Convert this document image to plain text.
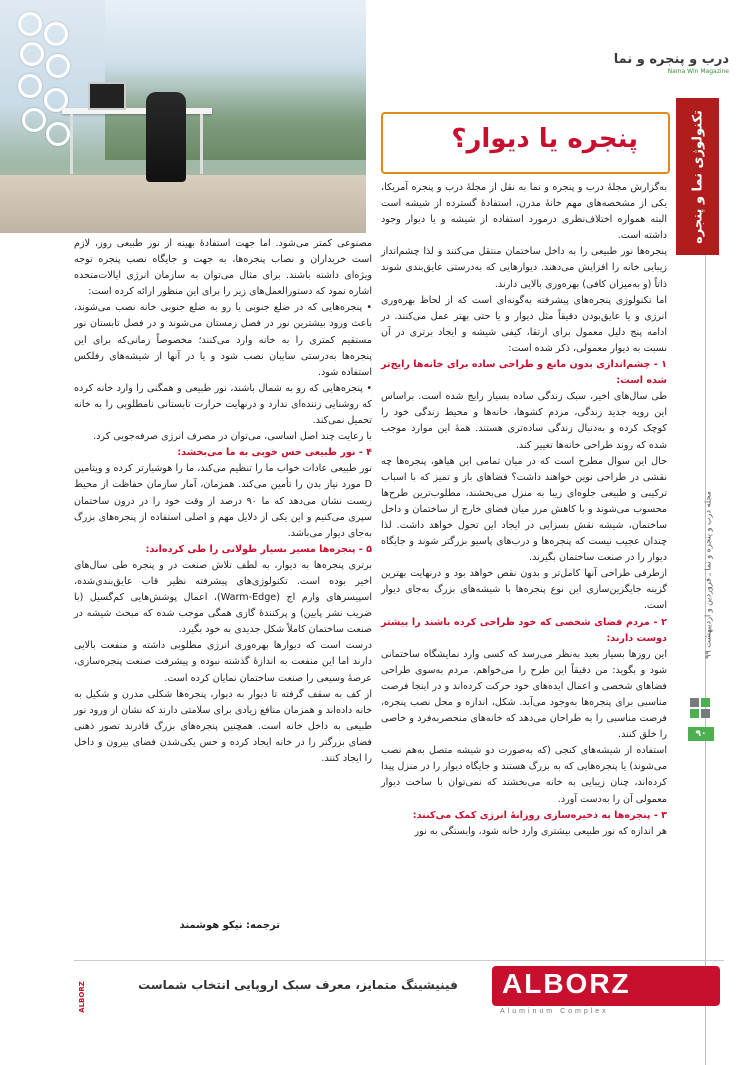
درب و پنجره و نما
Nama Win Magazine
تکنولوژی نما و پنجره
مجله درب و پنجره و نما ـ فروردین و اردیبهشت ۹۹
۹۰
پنجره یا دیوار؟

به‌گزارش مجلهٔ درب و پنجره و نما به نقل از مجلهٔ درب و پنجره آمریکا، یکی از مشخصه‌های مهم خانهٔ مدرن، استفادهٔ گسترده از شیشه است البته همواره اختلاف‌نظری درمورد استفاده از شیشه و یا دیوار وجود داشته است.

پنجره‌ها نور طبیعی را به داخل ساختمان منتقل می‌کنند و لذا چشم‌انداز زیبایی خانه را افزایش می‌دهند. دیوارهایی که به‌درستی عایق‌بندی شوند ذاتاً (و به‌میزان کافی) بهره‌وری بالایی دارند.

اما تکنولوژی پنجره‌های پیشرفته به‌گونه‌ای است که از لحاظ بهره‌وری انرژی و یا عایق‌بودن دقیقاً مثل دیوار و یا حتی بهتر عمل می‌کنند. در ادامه پنج دلیل معمول برای ارتقا، کیفی شیشه و ایجاد برتری در آن نسبت به دیوار معمولی، ذکر شده است:

۱ - چشم‌اندازی بدون مانع و طراحی ساده برای خانه‌ها رایج‌تر شده است:

طی سال‌های اخیر، سبک زندگی ساده بسیار رایج شده است. براساس این رویه جدید زندگی، مردم کشوها، خانه‌ها و محیط زندگی خود را کوچک کرده و به‌دنبال زندگی ساده‌تری هستند. همهٔ این موارد موجب شده که روند طراحی خانه‌ها تغییر کند.

حال این سوال مطرح است که در میان تمامی این هیاهو، پنجره‌ها چه نقشی در طراحی نوین خواهند داشت؟ فضاهای باز و تمیز که با اسباب ترکیبی و طبیعی جلوه‌ای زیبا به منزل می‌بخشند، مطلوب‌ترین طرح‌ها محسوب می‌شوند و با کاهش مرز میان فضای خارج از ساختمان و داخل ساختمان، شیشه نقش بسزایی در ایجاد این تحول خواهد داشت. لذا چندان عجیب نیست که پنجره‌ها و درب‌های پاسیو بزرگتر شوند و جایگاه دیوار را در صنعت ساختمان بگیرند.

ازطرفی طراحی آنها کامل‌تر و بدون نقص خواهد بود و درنهایت بهترین گزینه جایگزین‌سازی این نوع پنجره‌ها با شیشه‌های بزرگ به‌جای دیوار است.

۲ - مردم فضای شخصی که خود طراحی کرده باشند را بیشتر دوست دارند:

این روزها بسیار بعید به‌نظر می‌رسد که کسی وارد نمایشگاه ساختمانی شود و بگوید: من دقیقاً این طرح را می‌خواهم. مردم به‌سوی طراحی فضاهای شخصی و اعمال ایده‌های خود حرکت کرده‌اند و در اینجا فرصت مناسبی برای پنجره‌ها به‌وجود می‌آید. شکل، اندازه و محل نصب پنجره، فرصت مناسبی را به طراحان می‌دهد که خانه‌های منحصربه‌فرد و خاصی را خلق کنند.

استفاده از شیشه‌های کنجی (که به‌صورت دو شیشه متصل به‌هم نصب می‌شوند) یا پنجره‌هایی که به‌ بزرگ هستند و جایگاه دیوار را در منزل پیدا کرده‌اند، چنان زیبایی به خانه می‌بخشند که نمی‌توان با ساخت دیوار معمولی آن را به‌دست آورد.

۳ - پنجره‌ها به ذخیره‌سازی روزانهٔ انرژی کمک می‌کنند:

هر اندازه که نور طبیعی بیشتری وارد خانه شود، وابستگی به نور

مصنوعی کمتر می‌شود. اما جهت استفادهٔ بهینه از نور طبیعی روز، لازم است خریداران و نصاب پنجره‌ها، به جهت و جایگاه نصب پنجره توجه ویژه‌ای داشته باشند. برای مثال می‌توان به سازمان انرژی ایالات‌متحده اشاره نمود که دستورالعمل‌های زیر را برای این منظور ارائه کرده است:

• پنجره‌هایی که در ضلع جنوبی یا رو به ضلع جنوبی خانه نصب می‌شوند، باعث ورود بیشترین نور در فصل زمستان می‌شوند و در فصل تابستان نور مستقیم کمتری را به خانه وارد می‌کنند؛ مخصوصاً زمانی‌که برای این پنجره‌ها به‌درستی سایبان نصب شود و یا در آنها از شیشه‌های رفلکس استفاده شود.

• پنجره‌هایی که رو به شمال باشند، نور طبیعی و همگنی را وارد خانه کرده که روشنایی زننده‌ای ندارد و درنهایت حرارت تابستانی نامطلوبی را به خانه تحمیل نمی‌کند.

با رعایت چند اصل اساسی، می‌توان در مصرف انرژی صرفه‌جویی کرد.

۴ - نور طبیعی حس خوبی به ما می‌بخشد:

نور طبیعی عادات خواب ما را تنظیم می‌کند، ما را هوشیارتر کرده و ویتامین D مورد نیاز بدن را تأمین می‌کند. همزمان، آمار سازمان حفاظت از محیط زیست نشان می‌دهد که ما ۹۰ درصد از وقت خود را در درون ساختمان سپری می‌کنیم و این یکی از دلایل مهم و اصلی استفاده از پنجره‌های بزرگ به‌جای دیوار می‌باشد.

۵ - پنجره‌ها مسیر بسیار طولانی را طی کرده‌اند:

برتری پنجره‌ها به دیوار، به لطف تلاش صنعت در و پنجره طی سال‌های اخیر بوده است. تکنولوژی‌های پیشرفته نظیر قاب عایق‌بندی‌شده، اسپیسرهای وارم اج (Warm-Edge)، اعمال پوشش‌هایی کم‌گسیل (با ضریب نشر پایین) و پرکنندهٔ گازی همگی موجب شده که مبحث شیشه در صنعت ساختمان کاملاً شکل جدیدی به خود بگیرد.

درست است که دیوارها بهره‌وری انرژی مطلوبی داشته و منفعت بالایی دارند اما این منفعت به اندازهٔ گذشته نبوده و پیشرفت صنعت پنجره‌سازی، عرصهٔ وسیعی را صنعت ساختمان نمایان کرده است.

از کف به سقف گرفته تا دیوار به دیوار، پنجره‌ها شکلی مدرن و شکیل به خانه داده‌اند و همزمان منافع زیادی برای سلامتی دارند که نشان از ورود نور طبیعی به داخل خانه است. همچنین پنجره‌های بزرگ قادرند تصور ذهنی فضای بزرگتر را در خانه ایجاد کرده و حس یکی‌شدن فضای بیرون و داخل را ایجاد کنند.

ترجمه: نیکو هوشمند
ALBORZ	فینیشینگ متمایز، معرف سبک اروپایی انتخاب شماست	ALBORZ
Aluminum Complex
